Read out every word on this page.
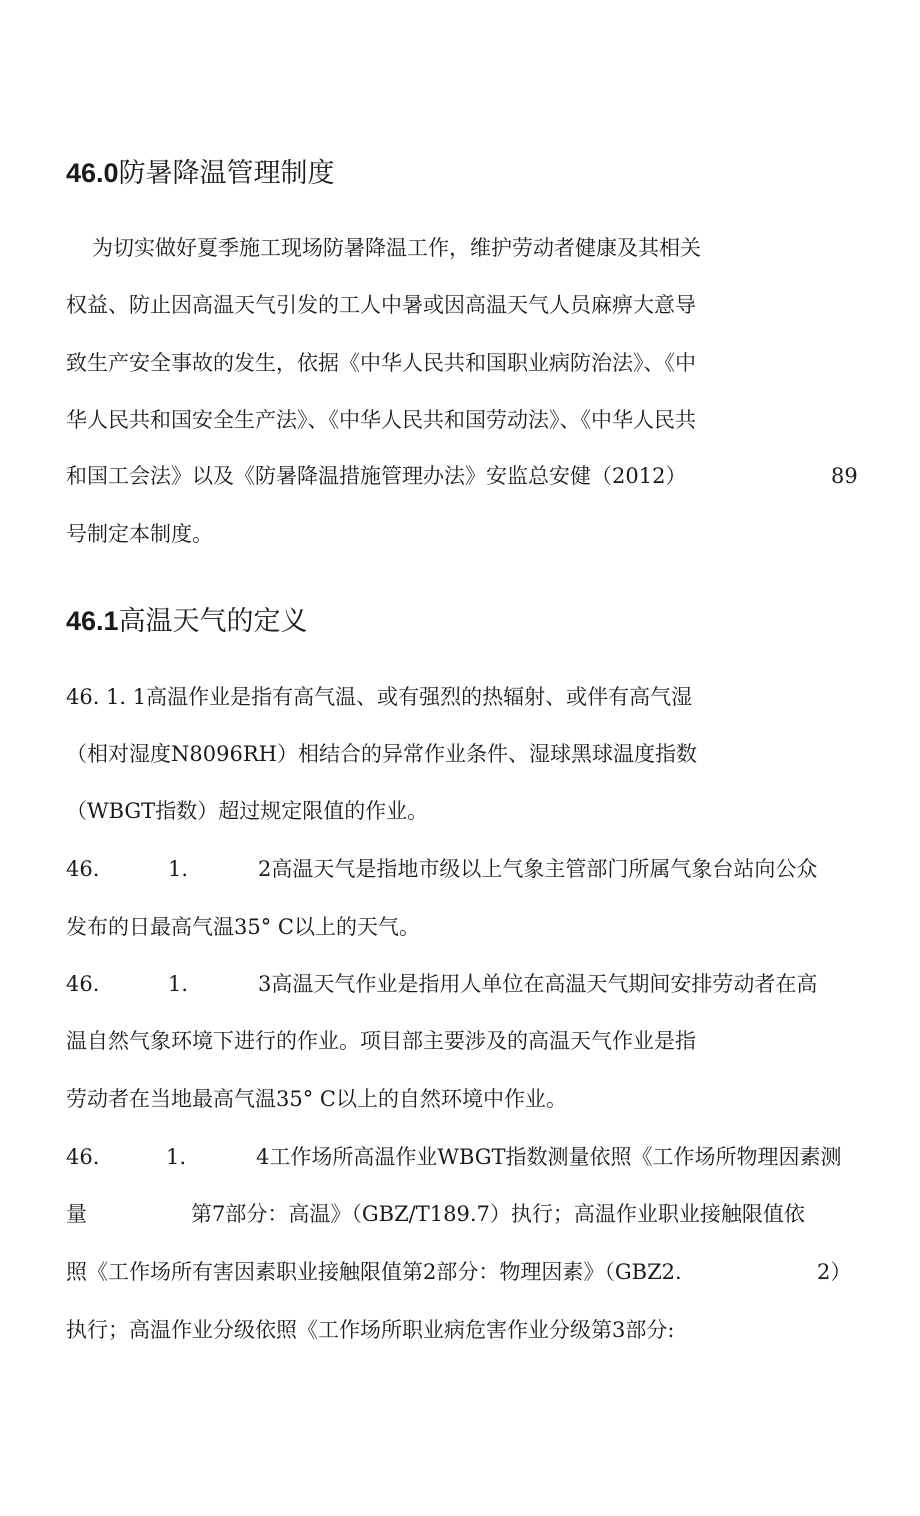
46.0防暑降温管理制度
为切实做好夏季施工现场防暑降温工作，维护劳动者健康及其相关
权益、防止因高温天气引发的工人中暑或因高温天气人员麻痹大意导
致生产安全事故的发生，依据《中华人民共和国职业病防治法》、《中
华人民共和国安全生产法》、《中华人民共和国劳动法》、《中华人民共
和国工会法》以及《防暑降温措施管理办法》安监总安健（2012）	89
号制定本制度。
46.1高温天气的定义
46. 1. 1高温作业是指有高气温、或有强烈的热辐射、或伴有高气湿
（相对湿度N8096RH）相结合的异常作业条件、湿球黑球温度指数
（WBGT指数）超过规定限值的作业。
46.	1.	2高温天气是指地市级以上气象主管部门所属气象台站向公众
发布的日最高气温35° C以上的天气。
46.	1.	3高温天气作业是指用人单位在高温天气期间安排劳动者在高
温自然气象环境下进行的作业。项目部主要涉及的高温天气作业是指
劳动者在当地最高气温35° C以上的自然环境中作业。
46.	1.	4工作场所高温作业WBGT指数测量依照《工作场所物理因素测
量	第7部分：高温》（GBZ/T189.7）执行；高温作业职业接触限值依
照《工作场所有害因素职业接触限值第2部分：物理因素》（GBZ2.	2）
执行；高温作业分级依照《工作场所职业病危害作业分级第3部分:
